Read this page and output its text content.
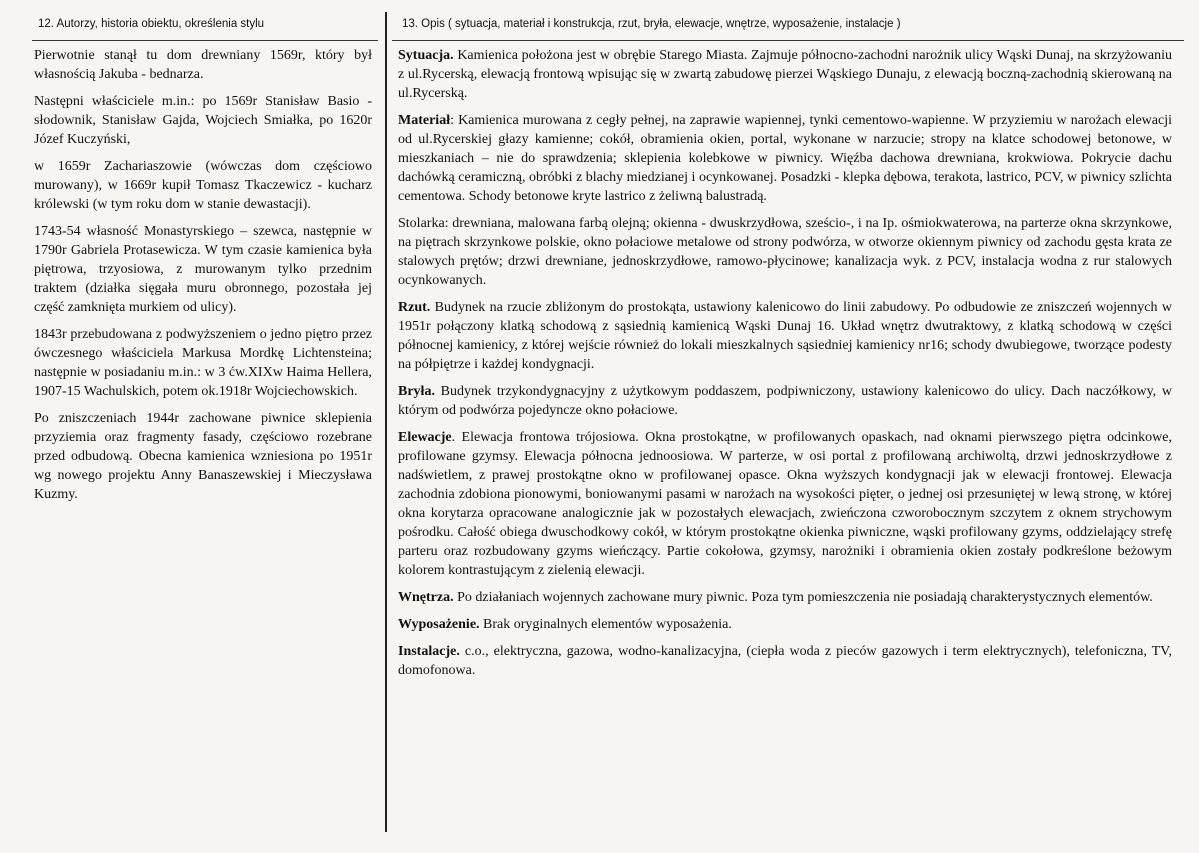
12. Autorzy, historia obiektu, określenia stylu

Pierwotnie stanął tu dom drewniany 1569r, który był własnością Jakuba - bednarza.

Następni właściciele m.in.: po 1569r Stanisław Basio - słodownik, Stanisław Gajda, Wojciech Smiałka, po 1620r Józef Kuczyński,

w 1659r Zachariaszowie (wówczas dom częściowo murowany), w 1669r kupił Tomasz Tkaczewicz - kucharz królewski (w tym roku dom w stanie dewastacji).

1743-54 własność Monastyrskiego – szewca, następnie w 1790r Gabriela Protasewicza. W tym czasie kamienica była piętrowa, trzyosiowa, z murowanym tylko przednim traktem (działka sięgała muru obronnego, pozostała jej część zamknięta murkiem od ulicy).

1843r przebudowana z podwyższeniem o jedno piętro przez ówczesnego właściciela Markusa Mordkę Lichtensteina; następnie w posiadaniu m.in.: w 3 ćw.XIXw Haima Hellera, 1907-15 Wachulskich, potem ok.1918r Wojciechowskich.

Po zniszczeniach 1944r zachowane piwnice sklepienia przyziemia oraz fragmenty fasady, częściowo rozebrane przed odbudową. Obecna kamienica wzniesiona po 1951r wg nowego projektu Anny Banaszewskiej i Mieczysława Kuzmy.

13. Opis ( sytuacja, materiał i konstrukcja, rzut, bryła, elewacje, wnętrze, wyposażenie, instalacje )

Sytuacja. Kamienica położona jest w obrębie Starego Miasta. Zajmuje północno-zachodni narożnik ulicy Wąski Dunaj, na skrzyżowaniu z ul.Rycerską, elewacją frontową wpisując się w zwartą zabudowę pierzei Wąskiego Dunaju, z elewacją boczną-zachodnią skierowaną na ul.Rycerską.

Materiał: Kamienica murowana z cegły pełnej, na zaprawie wapiennej, tynki cementowo-wapienne. W przyziemiu w narożach elewacji od ul.Rycerskiej głazy kamienne; cokół, obramienia okien, portal, wykonane w narzucie; stropy na klatce schodowej betonowe, w mieszkaniach – nie do sprawdzenia; sklepienia kolebkowe w piwnicy. Więźba dachowa drewniana, krokwiowa. Pokrycie dachu dachówką ceramiczną, obróbki z blachy miedzianej i ocynkowanej. Posadzki - klepka dębowa, terakota, lastrico, PCV, w piwnicy szlichta cementowa. Schody betonowe kryte lastrico z żeliwną balustradą.

Stolarka: drewniana, malowana farbą olejną; okienna - dwuskrzydłowa, sześcio-, i na Ip. ośmiokwaterowa, na parterze okna skrzynkowe, na piętrach skrzynkowe polskie, okno połaciowe metalowe od strony podwórza, w otworze okiennym piwnicy od zachodu gęsta krata ze stalowych prętów; drzwi drewniane, jednoskrzydłowe, ramowo-płycinowe; kanalizacja wyk. z PCV, instalacja wodna z rur stalowych ocynkowanych.

Rzut. Budynek na rzucie zbliżonym do prostokąta, ustawiony kalenicowo do linii zabudowy. Po odbudowie ze zniszczeń wojennych w 1951r połączony klatką schodową z sąsiednią kamienicą Wąski Dunaj 16. Układ wnętrz dwutraktowy, z klatką schodową w części północnej kamienicy, z której wejście również do lokali mieszkalnych sąsiedniej kamienicy nr16; schody dwubiegowe, tworzące podesty na półpiętrze i każdej kondygnacji.

Bryła. Budynek trzykondygnacyjny z użytkowym poddaszem, podpiwniczony, ustawiony kalenicowo do ulicy. Dach naczółkowy, w którym od podwórza pojedyncze okno połaciowe.

Elewacje. Elewacja frontowa trójosiowa. Okna prostokątne, w profilowanych opaskach, nad oknami pierwszego piętra odcinkowe, profilowane gzymsy. Elewacja północna jednoosiowa. W parterze, w osi portal z profilowaną archiwoltą, drzwi jednoskrzydłowe z nadświetlem, z prawej prostokątne okno w profilowanej opasce. Okna wyższych kondygnacji jak w elewacji frontowej. Elewacja zachodnia zdobiona pionowymi, boniowanymi pasami w narożach na wysokości pięter, o jednej osi przesuniętej w lewą stronę, w której okna korytarza opracowane analogicznie jak w pozostałych elewacjach, zwieńczona czworobocznym szczytem z oknem strychowym pośrodku. Całość obiega dwuschodkowy cokół, w którym prostokątne okienka piwniczne, wąski profilowany gzyms, oddzielający strefę parteru oraz rozbudowany gzyms wieńczący. Partie cokołowa, gzymsy, narożniki i obramienia okien zostały podkreślone beżowym kolorem kontrastującym z zielenią elewacji.

Wnętrza. Po działaniach wojennych zachowane mury piwnic. Poza tym pomieszczenia nie posiadają charakterystycznych elementów.

Wyposażenie. Brak oryginalnych elementów wyposażenia.

Instalacje. c.o., elektryczna, gazowa, wodno-kanalizacyjna, (ciepła woda z pieców gazowych i term elektrycznych), telefoniczna, TV, domofonowa.
